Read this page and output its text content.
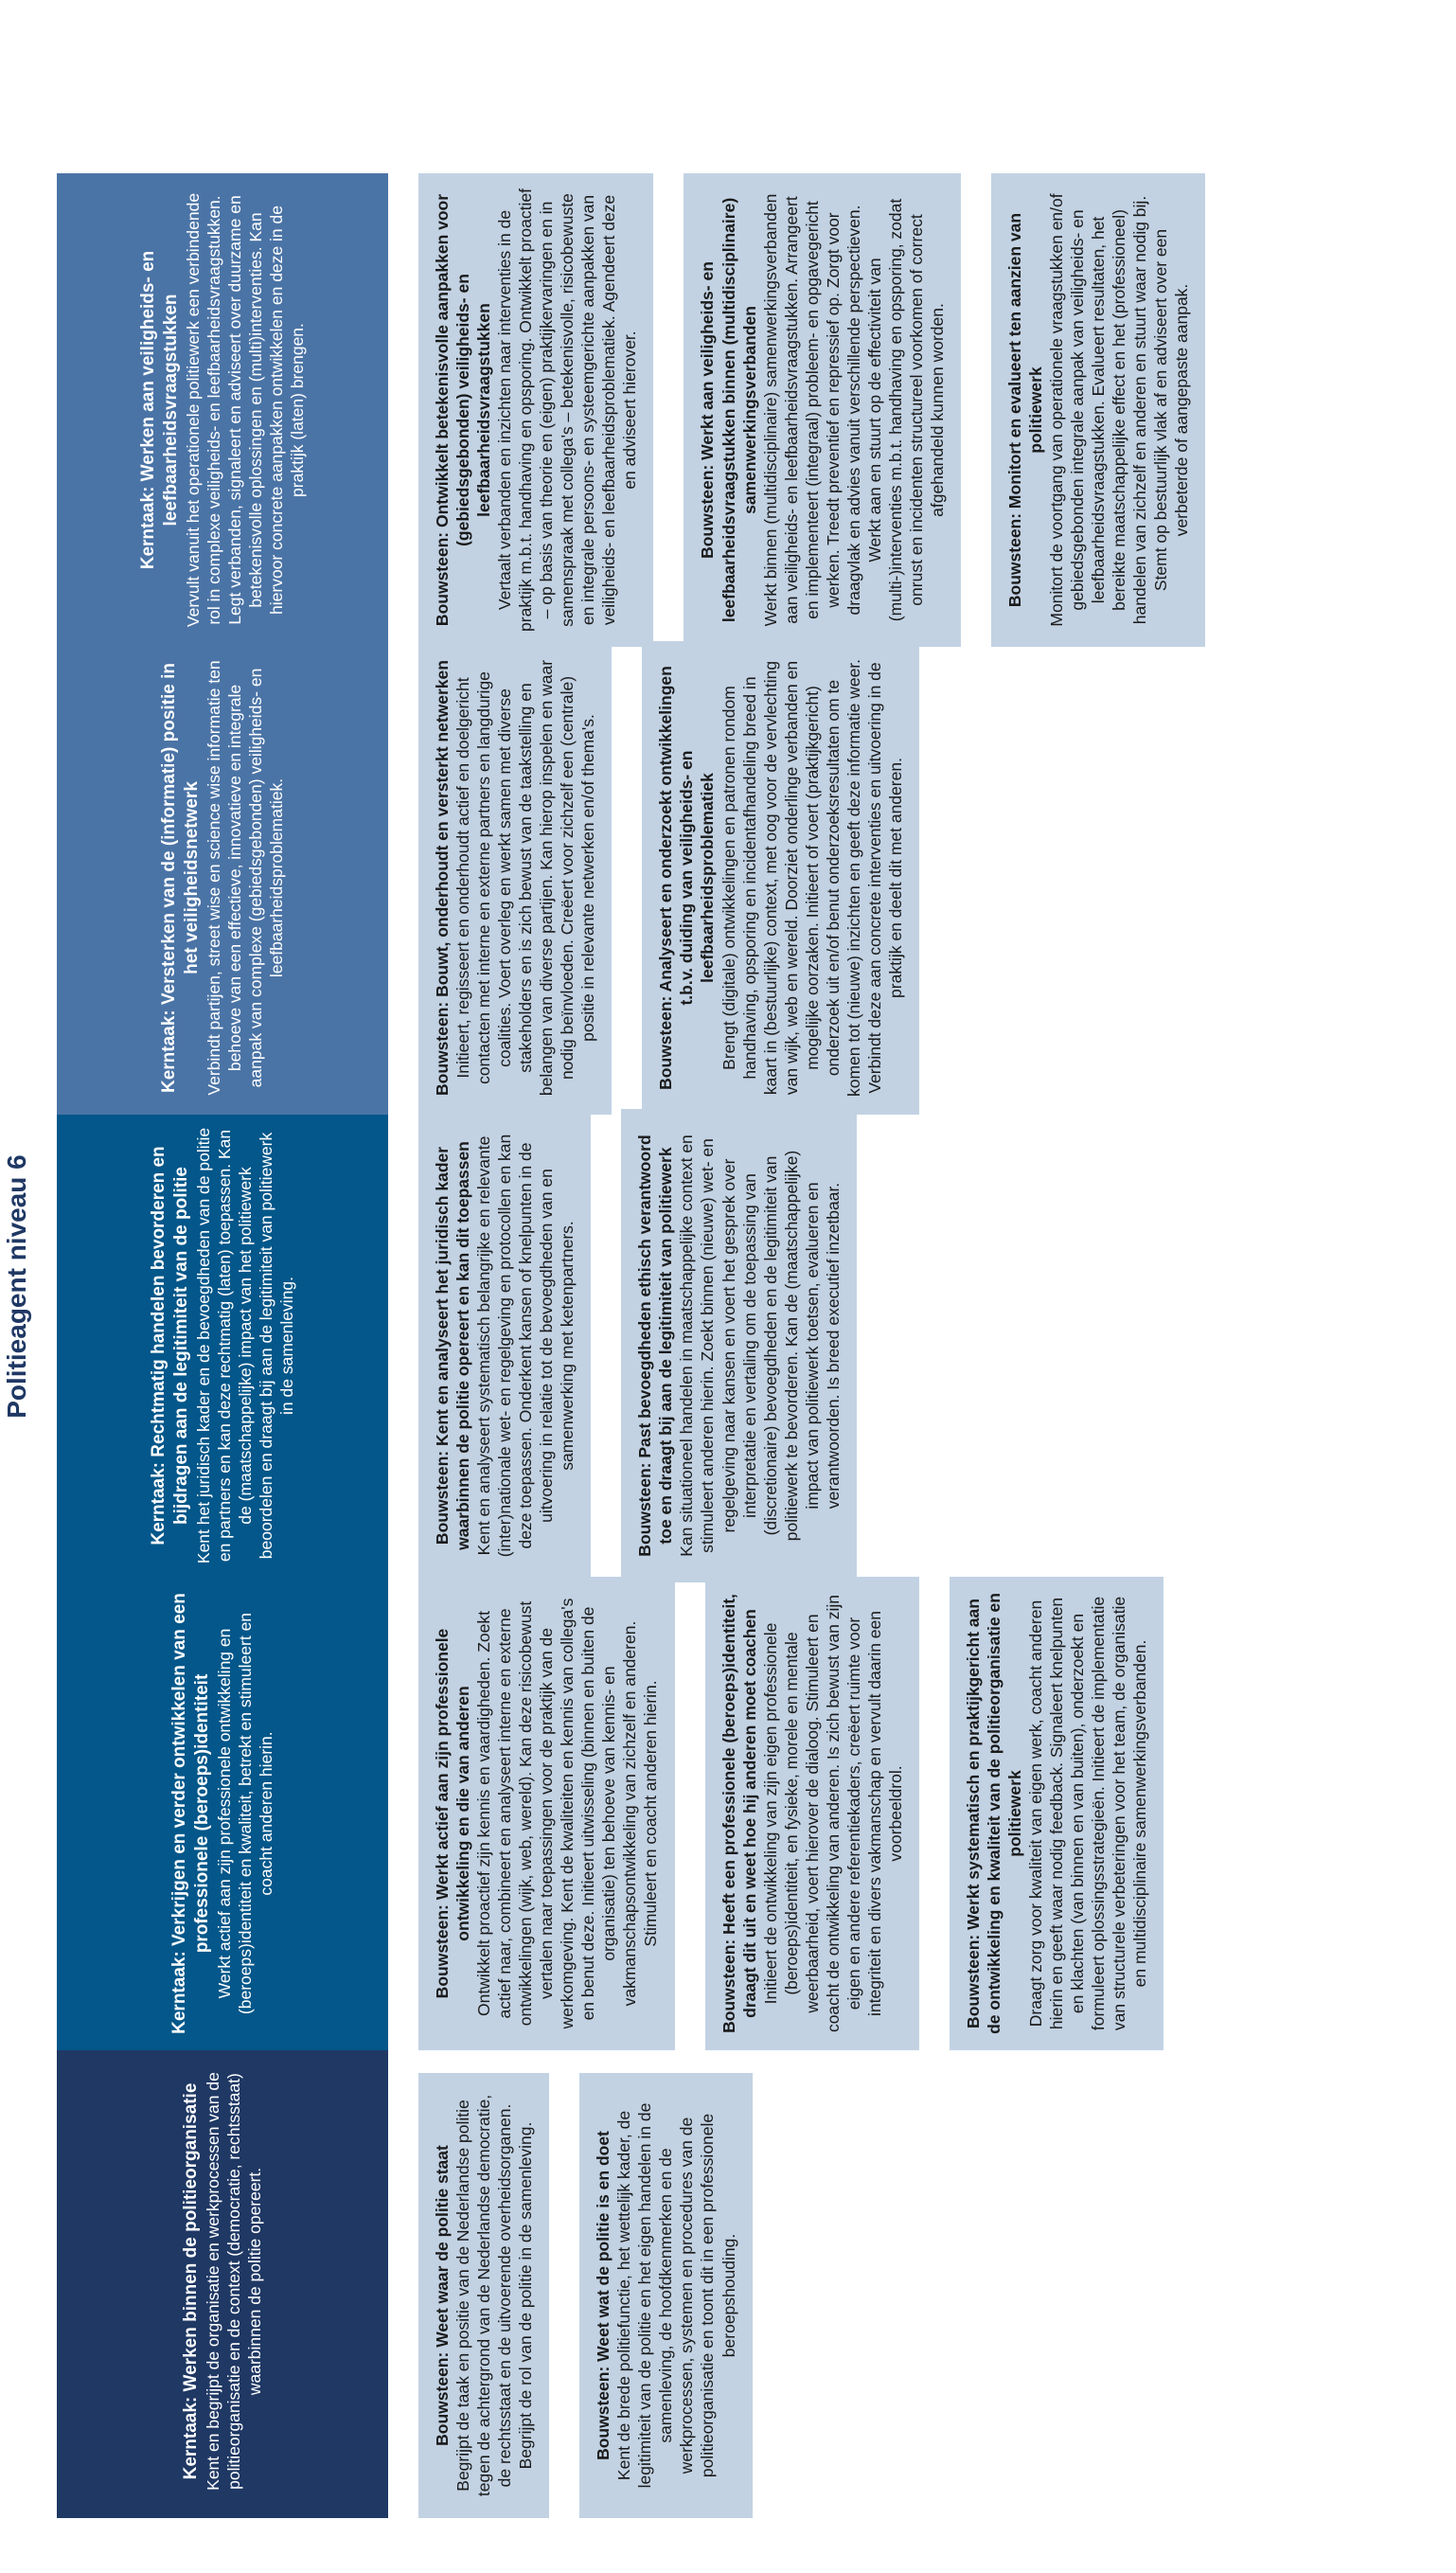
Politieagent niveau 6
Kerntaak: Werken binnen de politieorganisatie Kent en begrijpt de organisatie en werkprocessen van de politieorganisatie en de context (democratie, rechtsstaat) waarbinnen de politie opereert.	Bouwsteen: Weet waar de politie staat Begrijpt de taak en positie van de Nederlandse politie tegen de achtergrond van de Nederlandse democratie, de rechtsstaat en de uitvoerende overheidsorganen. Begrijpt de rol van de politie in de samenleving.	Bouwsteen: Weet wat de politie is en doet Kent de brede politiefunctie, het wettelijk kader, de legitimiteit van de politie en het eigen handelen in de samenleving, de hoofdkenmerken en de werkprocessen, systemen en procedures van de politieorganisatie en toont dit in een professionele beroepshouding.
Kerntaak: Verkrijgen en verder ontwikkelen van een professionele (beroeps)identiteit Werkt actief aan zijn professionele ontwikkeling en (beroeps)identiteit en kwaliteit, betrekt en stimuleert en coacht anderen hierin.	Bouwsteen: Werkt actief aan zijn professionele ontwikkeling en die van anderen Ontwikkelt proactief zijn kennis en vaardigheden. Zoekt actief naar, combineert en analyseert interne en externe ontwikkelingen (wijk, web, wereld). Kan deze risicobewust vertalen naar toepassingen voor de praktijk van de werkomgeving. Kent de kwaliteiten en kennis van collega's en benut deze. Initieert uitwisseling (binnen en buiten de organisatie) ten behoeve van kennis- en vakmanschapsontwikkeling van zichzelf en anderen. Stimuleert en coacht anderen hierin.	Bouwsteen: Heeft een professionele (beroeps)identiteit, draagt dit uit en weet hoe hij anderen moet coachen Initieert de ontwikkeling van zijn eigen professionele (beroeps)identiteit, en fysieke, morele en mentale weerbaarheid, voert hierover de dialoog. Stimuleert en coacht de ontwikkeling van anderen. Is zich bewust van zijn eigen en andere referentiekaders, creëert ruimte voor integriteit en divers vakmanschap en vervult daarin een voorbeeldrol.	Bouwsteen: Werkt systematisch en praktijkgericht aan de ontwikkeling en kwaliteit van de politieorganisatie en politiewerk Draagt zorg voor kwaliteit van eigen werk, coacht anderen hierin en geeft waar nodig feedback. Signaleert knelpunten en klachten (van binnen en van buiten), onderzoekt en formuleert oplossingsstrategieën. Initieert de implementatie van structurele verbeteringen voor het team, de organisatie en multidisciplinaire samenwerkingsverbanden.
Kerntaak: Rechtmatig handelen bevorderen en bijdragen aan de legitimiteit van de politie Kent het juridisch kader en de bevoegdheden van de politie en partners en kan deze rechtmatig (laten) toepassen. Kan de (maatschappelijke) impact van het politiewerk beoordelen en draagt bij aan de legitimiteit van politiewerk in de samenleving.	Bouwsteen: Kent en analyseert het juridisch kader waarbinnen de politie opereert en kan dit toepassen Kent en analyseert systematisch belangrijke en relevante (inter)nationale wet- en regelgeving en protocollen en kan deze toepassen. Onderkent kansen of knelpunten in de uitvoering in relatie tot de bevoegdheden van en samenwerking met ketenpartners.	Bouwsteen: Past bevoegdheden ethisch verantwoord toe en draagt bij aan de legitimiteit van politiewerk Kan situationeel handelen in maatschappelijke context en stimuleert anderen hierin. Zoekt binnen (nieuwe) wet- en regelgeving naar kansen en voert het gesprek over interpretatie en vertaling om de toepassing van (discretionaire) bevoegdheden en de legitimiteit van politiewerk te bevorderen. Kan de (maatschappelijke) impact van politiewerk toetsen, evalueren en verantwoorden. Is breed executief inzetbaar.
Kerntaak: Versterken van de (informatie) positie in het veiligheidsnetwerk Verbindt partijen, street wise en science wise informatie ten behoeve van een effectieve, innovatieve en integrale aanpak van complexe (gebiedsgebonden) veiligheids- en leefbaarheidsproblematiek.	Bouwsteen: Bouwt, onderhoudt en versterkt netwerken Initieert, regisseert en onderhoudt actief en doelgericht contacten met interne en externe partners en langdurige coalities. Voert overleg en werkt samen met diverse stakeholders en is zich bewust van de taakstelling en belangen van diverse partijen. Kan hierop inspelen en waar nodig beïnvloeden. Creëert voor zichzelf een (centrale) positie in relevante netwerken en/of thema's.	Bouwsteen: Analyseert en onderzoekt ontwikkelingen t.b.v. duiding van veiligheids- en leefbaarheidsproblematiek Brengt (digitale) ontwikkelingen en patronen rondom handhaving, opsporing en incidentafhandeling breed in kaart in (bestuurlijke) context, met oog voor de vervlechting van wijk, web en wereld. Doorziet onderlinge verbanden en mogelijke oorzaken. Initieert of voert (praktijkgericht) onderzoek uit en/of benut onderzoeksresultaten om te komen tot (nieuwe) inzichten en geeft deze informatie weer. Verbindt deze aan concrete interventies en uitvoering in de praktijk en deelt dit met anderen.
Kerntaak: Werken aan veiligheids- en leefbaarheidsvraagstukken Vervult vanuit het operationele politiewerk een verbindende rol in complexe veiligheids- en leefbaarheidsvraagstukken. Legt verbanden, signaleert en adviseert over duurzame en betekenisvolle oplossingen en (multi)interventies. Kan hiervoor concrete aanpakken ontwikkelen en deze in de praktijk (laten) brengen.	Bouwsteen: Ontwikkelt betekenisvolle aanpakken voor (gebiedsgebonden) veiligheids- en leefbaarheidsvraagstukken Vertaalt verbanden en inzichten naar interventies in de praktijk m.b.t. handhaving en opsporing. Ontwikkelt proactief – op basis van theorie en (eigen) praktijkervaringen en in samenspraak met collega's – betekenisvolle, risicobewuste en integrale persoons- en systeemgerichte aanpakken van veiligheids- en leefbaarheidsproblematiek. Agendeert deze en adviseert hierover.	Bouwsteen: Werkt aan veiligheids- en leefbaarheidsvraagstukken binnen (multidisciplinaire) samenwerkingsverbanden Werkt binnen (multidisciplinaire) samenwerkingsverbanden aan veiligheids- en leefbaarheidsvraagstukken. Arrangeert en implementeert (integraal) probleem- en opgavegericht werken. Treedt preventief en repressief op. Zorgt voor draagvlak en advies vanuit verschillende perspectieven. Werkt aan en stuurt op de effectiviteit van (multi-)interventies m.b.t. handhaving en opsporing, zodat onrust en incidenten structureel voorkomen of correct afgehandeld kunnen worden.	Bouwsteen: Monitort en evalueert ten aanzien van politiewerk Monitort de voortgang van operationele vraagstukken en/of gebiedsgebonden integrale aanpak van veiligheids- en leefbaarheidsvraagstukken. Evalueert resultaten, het bereikte maatschappelijke effect en het (professioneel) handelen van zichzelf en anderen en stuurt waar nodig bij. Stemt op bestuurlijk vlak af en adviseert over een verbeterde of aangepaste aanpak.
